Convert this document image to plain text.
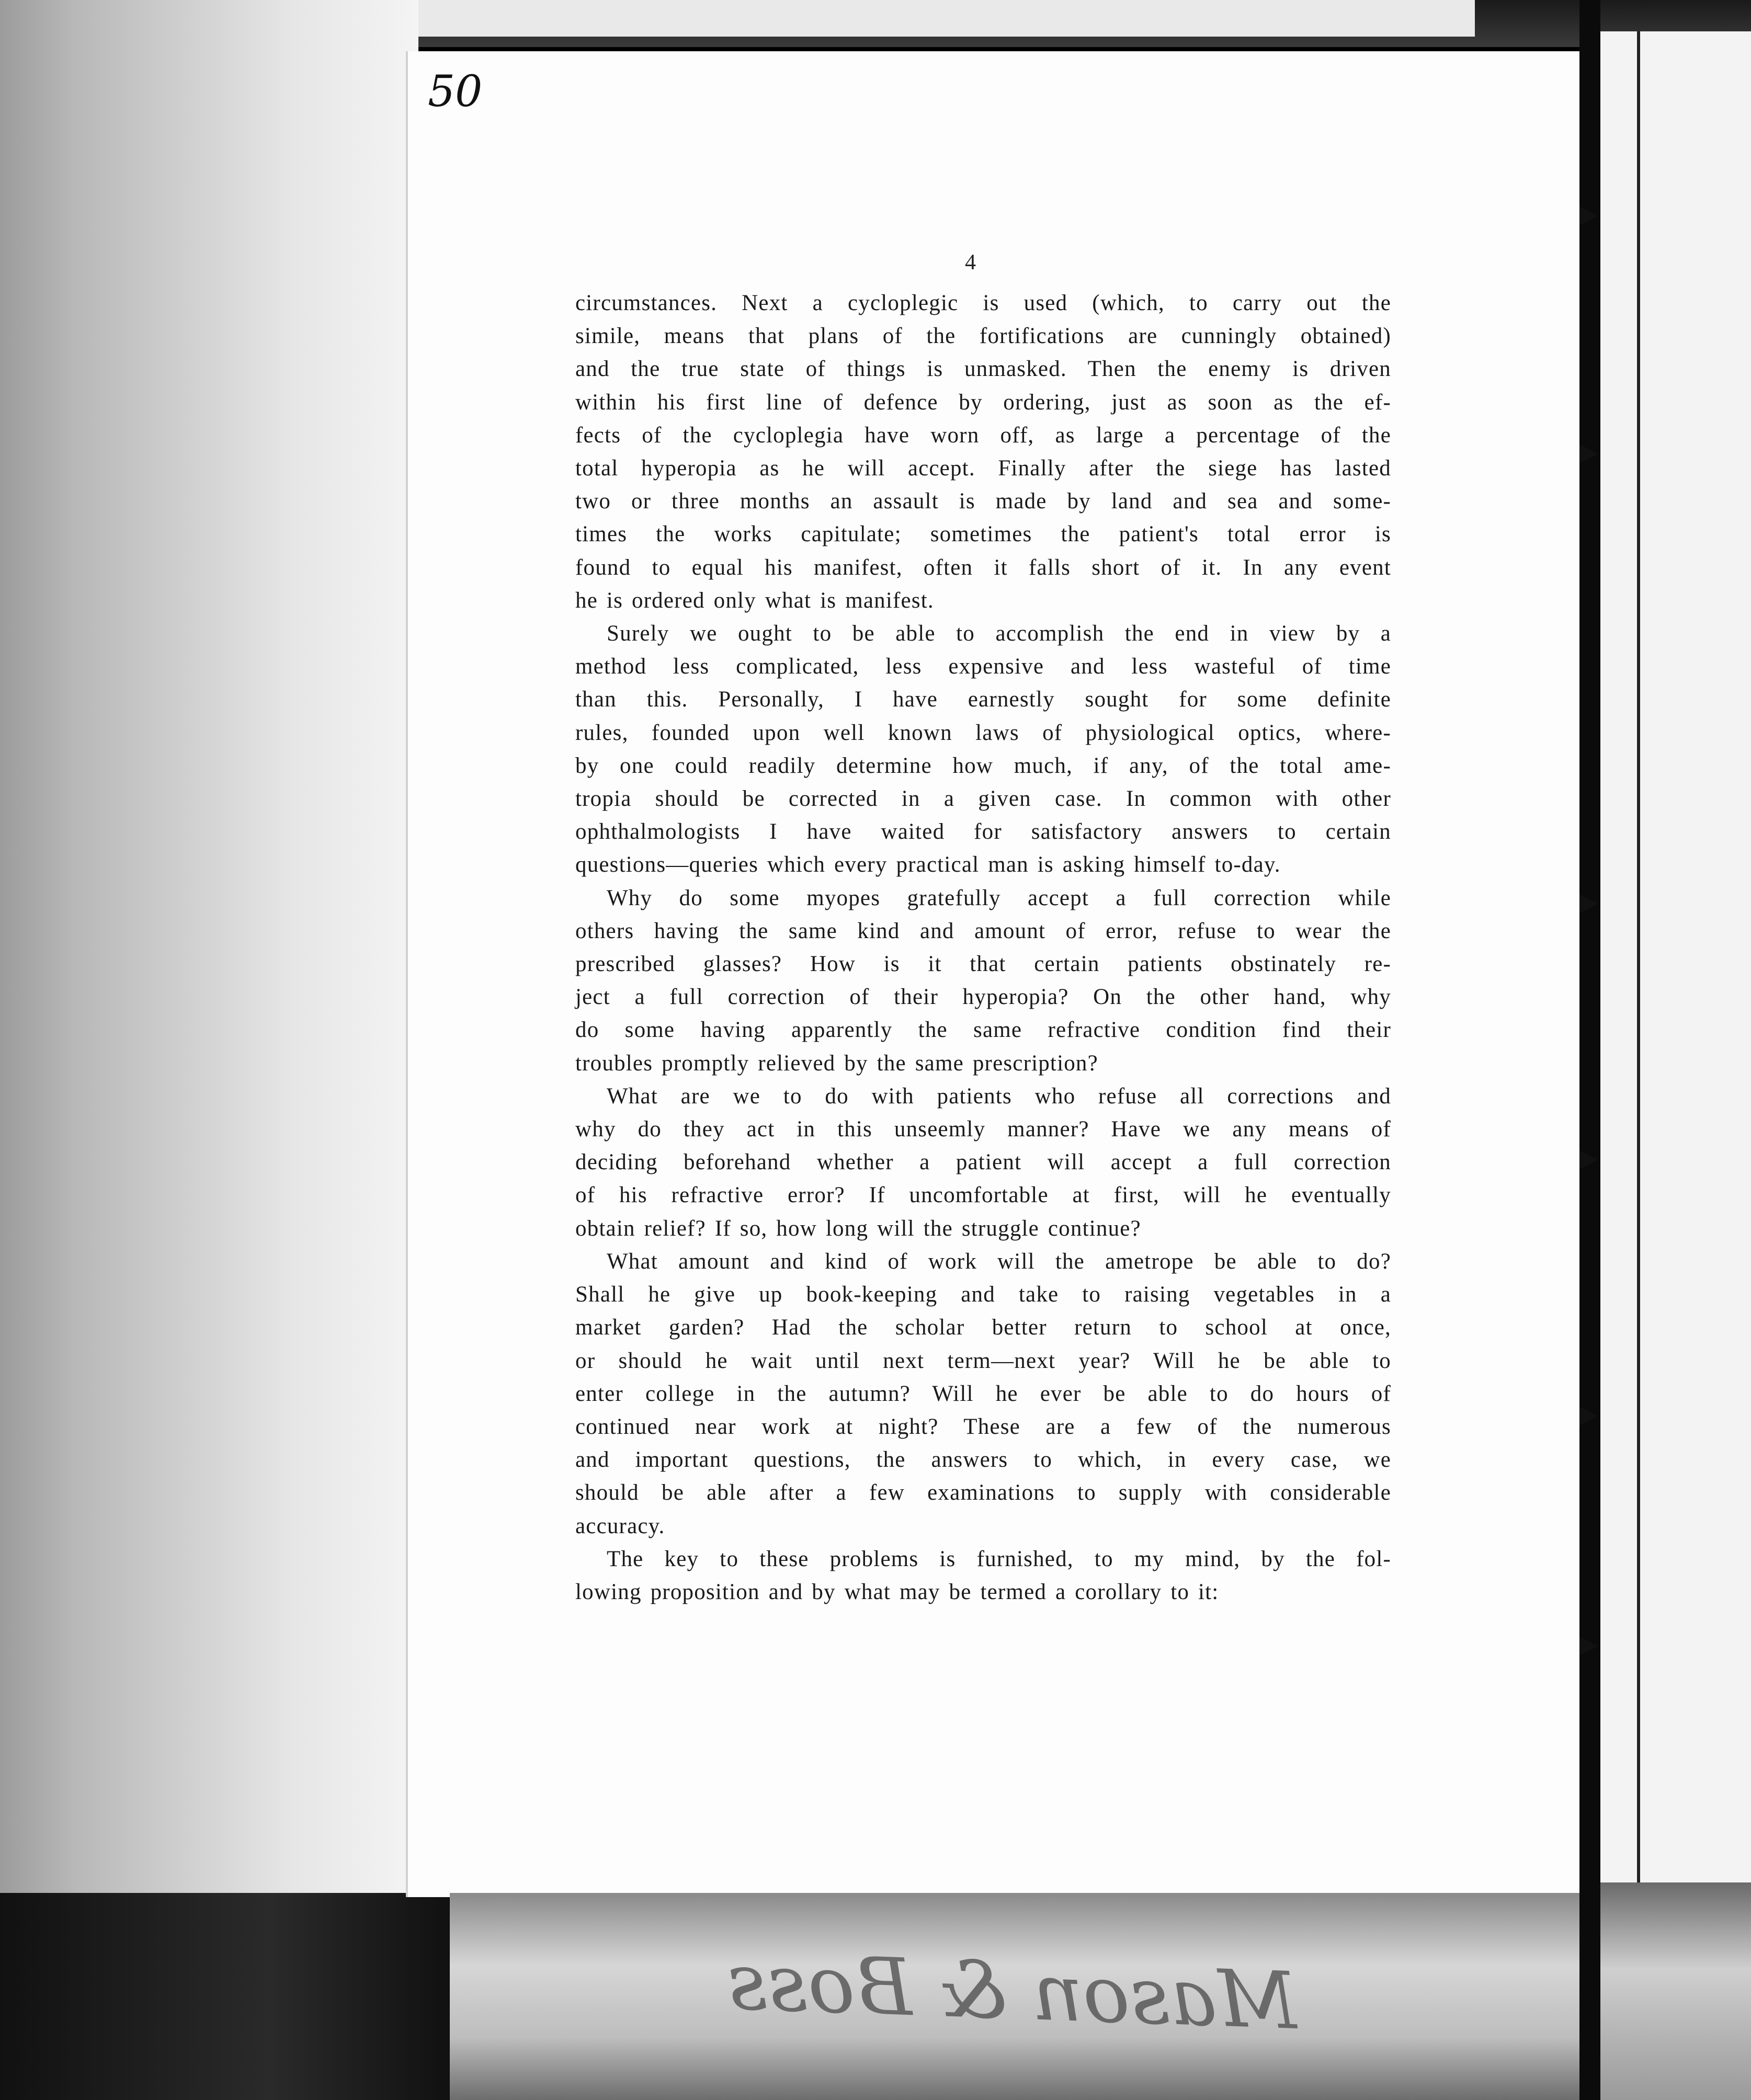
Mason & Boss
50
4
circumstances. Next a cycloplegic is used (which, to carry out the
simile, means that plans of the fortifications are cunningly obtained)
and the true state of things is unmasked. Then the enemy is driven
within his first line of defence by ordering, just as soon as the ef-
fects of the cycloplegia have worn off, as large a percentage of the
total hyperopia as he will accept. Finally after the siege has lasted
two or three months an assault is made by land and sea and some-
times the works capitulate; sometimes the patient's total error is
found to equal his manifest, often it falls short of it. In any event
he is ordered only what is manifest.
Surely we ought to be able to accomplish the end in view by a
method less complicated, less expensive and less wasteful of time
than this. Personally, I have earnestly sought for some definite
rules, founded upon well known laws of physiological optics, where-
by one could readily determine how much, if any, of the total ame-
tropia should be corrected in a given case. In common with other
ophthalmologists I have waited for satisfactory answers to certain
questions—queries which every practical man is asking himself to-day.
Why do some myopes gratefully accept a full correction while
others having the same kind and amount of error, refuse to wear the
prescribed glasses? How is it that certain patients obstinately re-
ject a full correction of their hyperopia? On the other hand, why
do some having apparently the same refractive condition find their
troubles promptly relieved by the same prescription?
What are we to do with patients who refuse all corrections and
why do they act in this unseemly manner? Have we any means of
deciding beforehand whether a patient will accept a full correction
of his refractive error? If uncomfortable at first, will he eventually
obtain relief? If so, how long will the struggle continue?
What amount and kind of work will the ametrope be able to do?
Shall he give up book-keeping and take to raising vegetables in a
market garden? Had the scholar better return to school at once,
or should he wait until next term—next year? Will he be able to
enter college in the autumn? Will he ever be able to do hours of
continued near work at night? These are a few of the numerous
and important questions, the answers to which, in every case, we
should be able after a few examinations to supply with considerable
accuracy.
The key to these problems is furnished, to my mind, by the fol-
lowing proposition and by what may be termed a corollary to it:
